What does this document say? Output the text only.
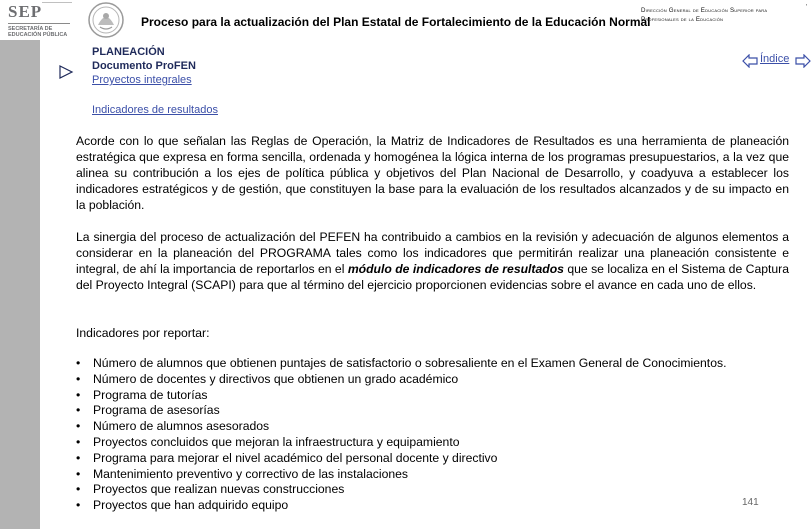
SEP
SECRETARÍA DE EDUCACIÓN PÚBLICA
Proceso para la actualización del Plan Estatal de Fortalecimiento de la Educación Normal
Dirección General de Educación Superior para Profesionales de la Educación
'
PLANEACIÓN
Documento ProFEN
Proyectos integrales
Indicadores de resultados
Índice
Acorde con lo que señalan las Reglas de Operación, la Matriz de Indicadores de Resultados es una herramienta de planeación estratégica que expresa en forma sencilla, ordenada y homogénea la lógica interna de los programas presupuestarios, a la vez que alinea su contribución a los ejes de política pública y objetivos del Plan Nacional de Desarrollo, y coadyuva a establecer los indicadores estratégicos y de gestión, que constituyen la base para la evaluación de los resultados alcanzados y de su impacto en la población.
La sinergia del proceso de actualización del PEFEN ha contribuido a cambios en la revisión y adecuación de algunos elementos a considerar en la planeación del PROGRAMA tales como los indicadores que permitirán realizar una planeación consistente e integral, de ahí la importancia de reportarlos en el módulo de indicadores de resultados que se localiza en el Sistema de Captura del Proyecto Integral (SCAPI) para que al término del ejercicio proporcionen evidencias sobre el avance en cada uno de ellos.
Indicadores por reportar:
• Número de alumnos que obtienen puntajes de satisfactorio o sobresaliente en el Examen General de Conocimientos.
• Número de docentes y directivos que obtienen un grado académico
• Programa de tutorías
• Programa de asesorías
• Número de alumnos asesorados
• Proyectos concluidos que mejoran la infraestructura y equipamiento
• Programa para mejorar el nivel académico del personal docente y directivo
• Mantenimiento preventivo y correctivo de las instalaciones
• Proyectos que realizan nuevas construcciones
• Proyectos que han adquirido equipo	141
